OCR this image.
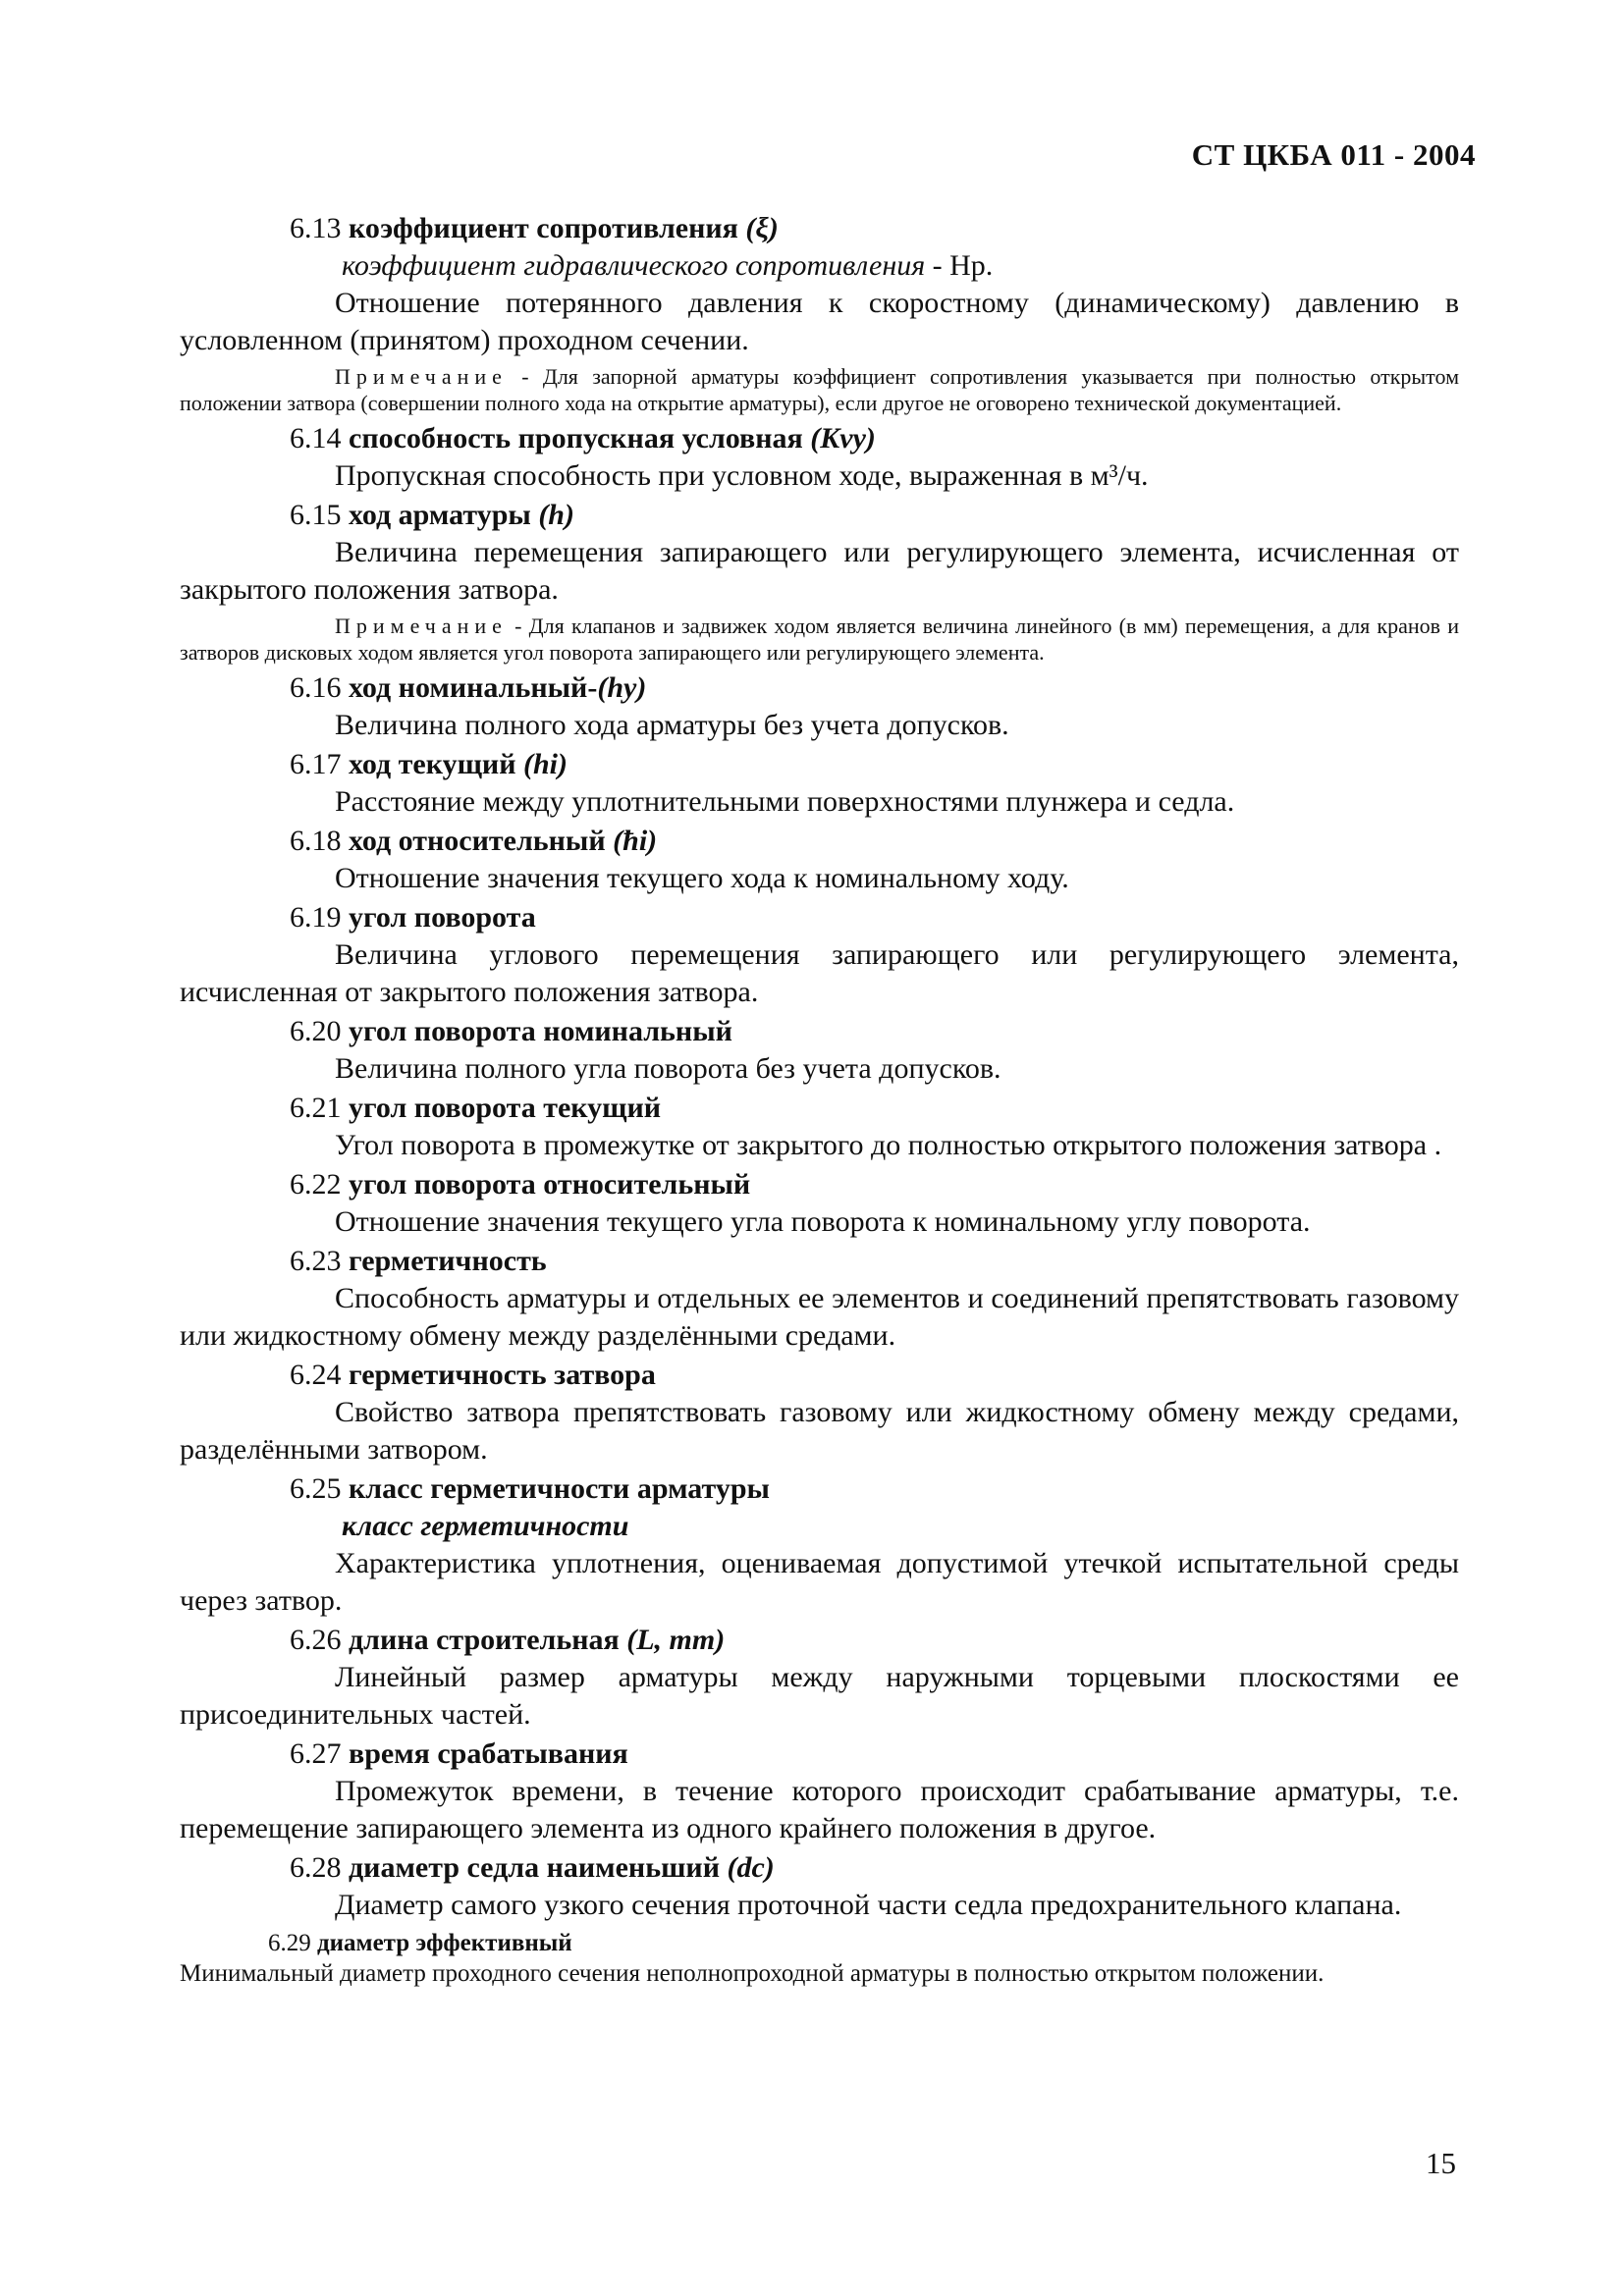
СТ ЦКБА 011 - 2004
6.13 коэффициент сопротивления (ξ)
коэффициент гидравлического сопротивления - Нр.

Отношение потерянного давления к скоростному (динамическому) давлению в условленном (принятом) проходном сечении.

Примечание - Для запорной арматуры коэффициент сопротивления указывается при полностью открытом положении затвора (совершении полного хода на открытие арматуры), если другое не оговорено технической документацией.

6.14 способность пропускная условная (Kvy)

Пропускная способность при условном ходе, выраженная в м³/ч.

6.15 ход арматуры (h)

Величина перемещения запирающего или регулирующего элемента, исчисленная от закрытого положения затвора.

Примечание - Для клапанов и задвижек ходом является величина линейного (в мм) перемещения, а для кранов и затворов дисковых ходом является угол поворота запирающего или регулирующего элемента.

6.16 ход номинальный-(hy)

Величина полного хода арматуры без учета допусков.

6.17 ход текущий (hi)

Расстояние между уплотнительными поверхностями плунжера и седла.

6.18 ход относительный (ħi)

Отношение значения текущего хода к номинальному ходу.

6.19 угол поворота

Величина углового перемещения запирающего или регулирующего элемента, исчисленная от закрытого положения затвора.

6.20 угол поворота номинальный

Величина полного угла поворота без учета допусков.

6.21 угол поворота текущий

Угол поворота в промежутке от закрытого до полностью открытого положения затвора .

6.22 угол поворота относительный

Отношение значения текущего угла поворота к номинальному углу поворота.

6.23 герметичность

Способность арматуры и отдельных ее элементов и соединений препятствовать газовому или жидкостному обмену между разделёнными средами.

6.24 герметичность затвора

Свойство затвора препятствовать газовому или жидкостному обмену между средами, разделёнными затвором.

6.25 класс герметичности арматуры
класс герметичности

Характеристика уплотнения, оцениваемая допустимой утечкой испытательной среды через затвор.

6.26 длина строительная (L, mm)

Линейный размер арматуры между наружными торцевыми плоскостями ее присоединительных частей.

6.27 время срабатывания

Промежуток времени, в течение которого происходит срабатывание арматуры, т.е. перемещение запирающего элемента из одного крайнего положения в другое.

6.28 диаметр седла наименьший (dc)

Диаметр самого узкого сечения проточной части седла предохранительного клапана.

6.29 диаметр эффективный

Минимальный диаметр проходного сечения неполнопроходной арматуры в полностью открытом положении.

15
